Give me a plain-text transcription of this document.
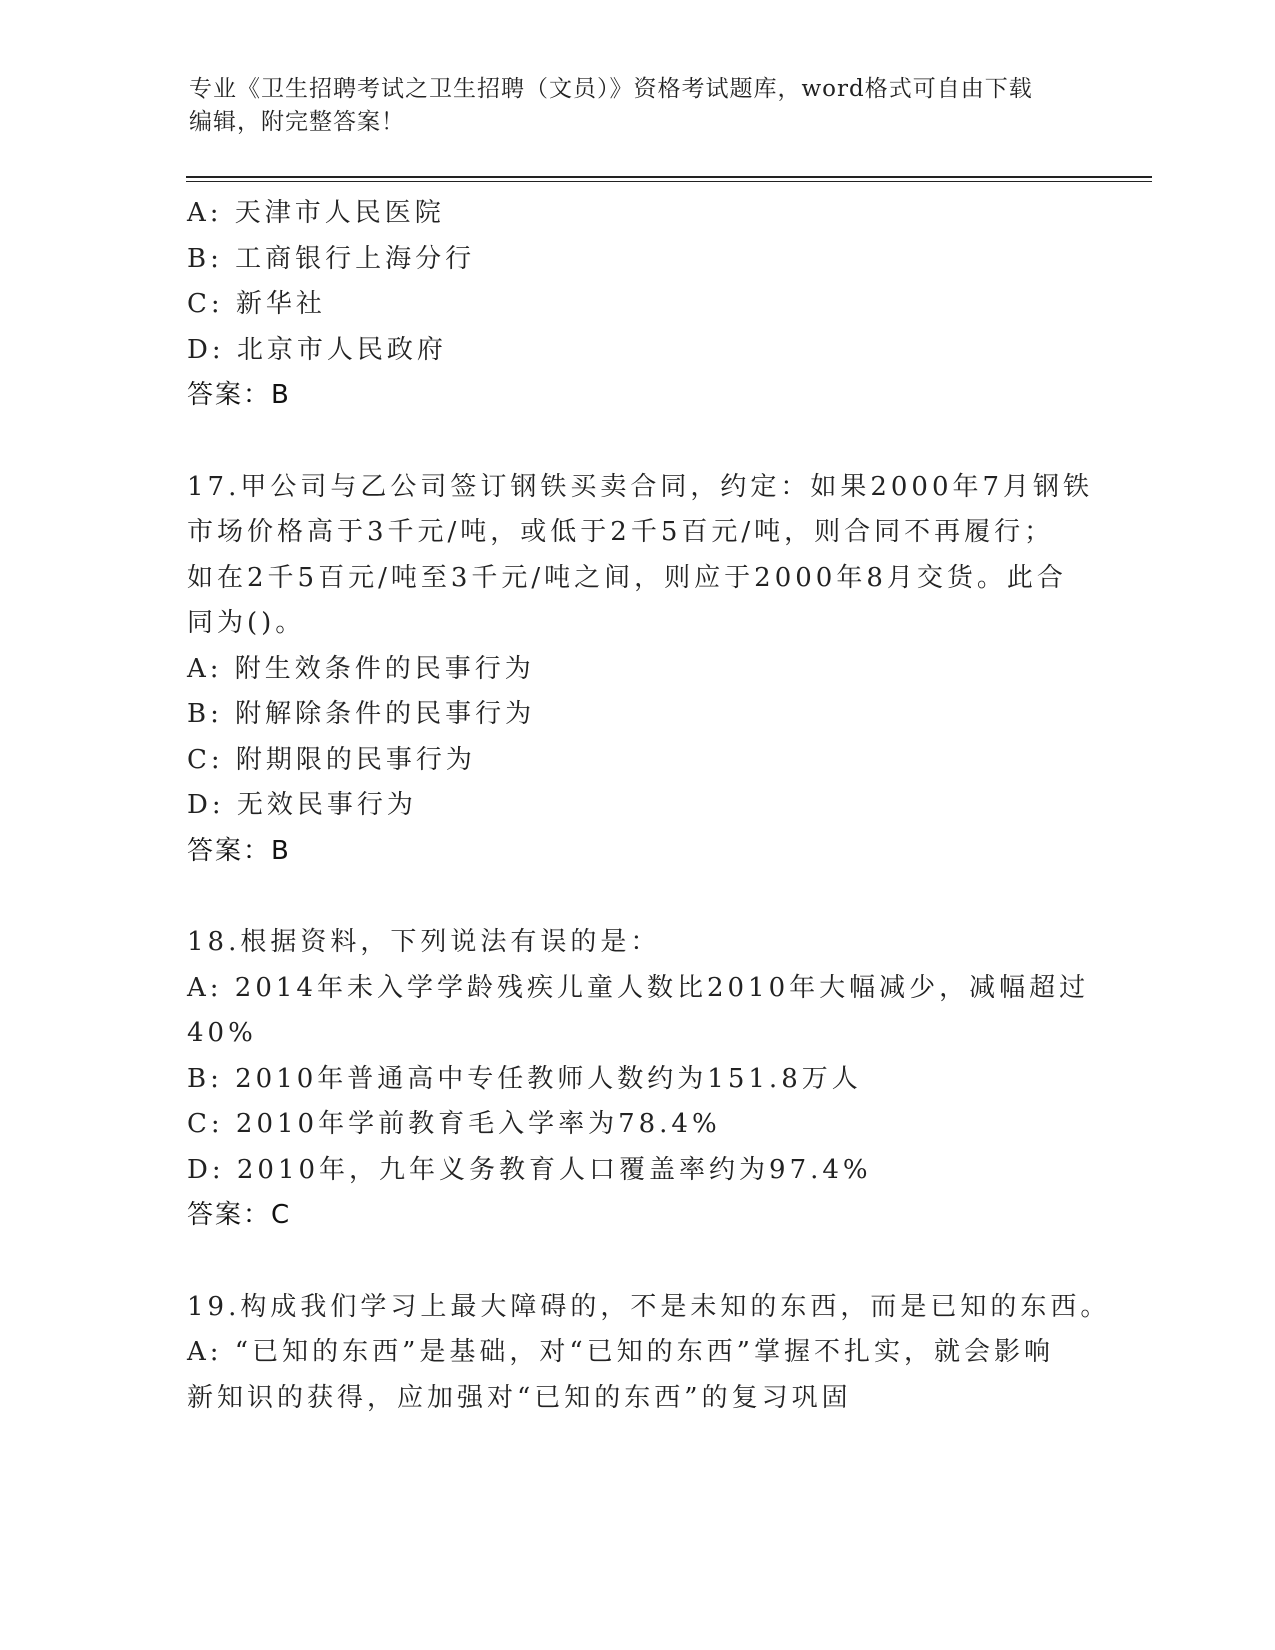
专业《卫生招聘考试之卫生招聘（文员）》资格考试题库，word格式可自由下载
编辑，附完整答案！
A: 天津市人民医院
B: 工商银行上海分行
C: 新华社
D: 北京市人民政府
答案：B
17.甲公司与乙公司签订钢铁买卖合同，约定：如果2000年7月钢铁
市场价格高于3千元/吨，或低于2千5百元/吨，则合同不再履行；
如在2千5百元/吨至3千元/吨之间，则应于2000年8月交货。此合
同为()。
A: 附生效条件的民事行为
B: 附解除条件的民事行为
C: 附期限的民事行为
D: 无效民事行为
答案：B
18.根据资料，下列说法有误的是：
A: 2014年未入学学龄残疾儿童人数比2010年大幅减少，减幅超过
40%
B: 2010年普通高中专任教师人数约为151.8万人
C: 2010年学前教育毛入学率为78.4%
D: 2010年，九年义务教育人口覆盖率约为97.4%
答案：C
19.构成我们学习上最大障碍的，不是未知的东西，而是已知的东西。
A: “已知的东西”是基础，对“已知的东西”掌握不扎实，就会影响
新知识的获得，应加强对“已知的东西”的复习巩固
